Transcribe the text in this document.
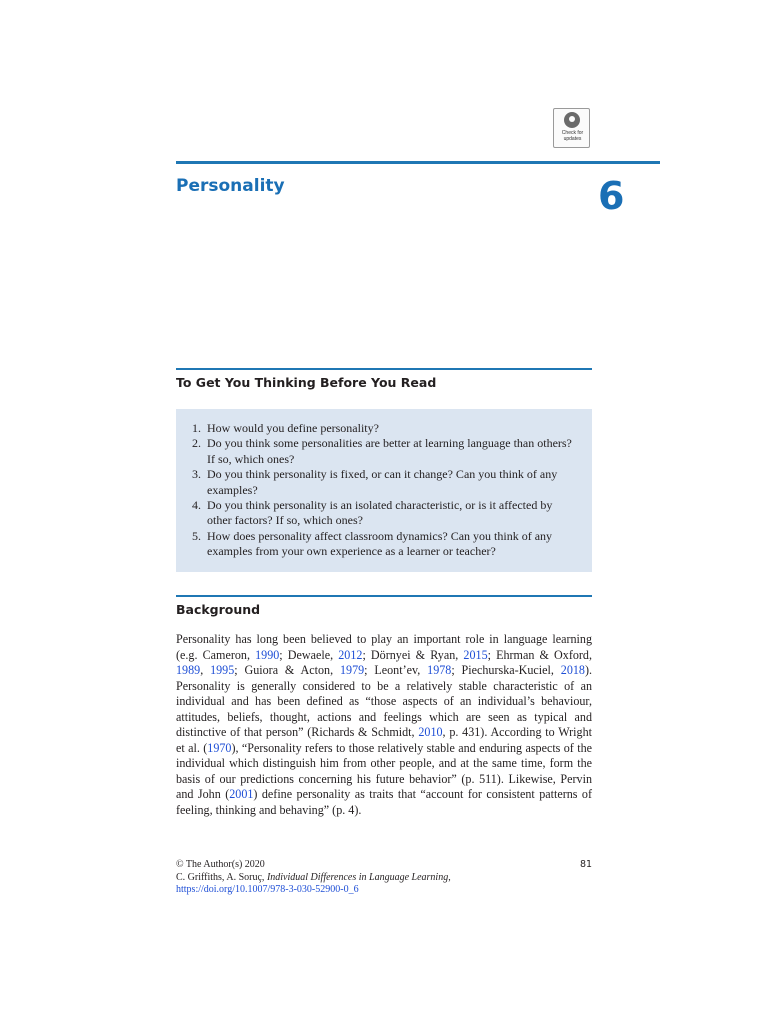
Check for
updates
Personality	6
To Get You Thinking Before You Read
1. How would you define personality?
2. Do you think some personalities are better at learning language than others? If so, which ones?
3. Do you think personality is fixed, or can it change? Can you think of any examples?
4. Do you think personality is an isolated characteristic, or is it affected by other factors? If so, which ones?
5. How does personality affect classroom dynamics? Can you think of any examples from your own experience as a learner or teacher?
Background

Personality has long been believed to play an important role in language learning (e.g. Cameron, 1990; Dewaele, 2012; Dörnyei & Ryan, 2015; Ehrman & Oxford, 1989, 1995; Guiora & Acton, 1979; Leont’ev, 1978; Piechurska-Kuciel, 2018). Personality is generally considered to be a relatively stable characteristic of an individual and has been defined as “those aspects of an individual’s behaviour, attitudes, beliefs, thought, actions and feelings which are seen as typical and distinctive of that person” (Richards & Schmidt, 2010, p. 431). According to Wright et al. (1970), “Personality refers to those relatively stable and enduring aspects of the individual which distinguish him from other people, and at the same time, form the basis of our predictions concerning his future behavior” (p. 511). Likewise, Pervin and John (2001) define personality as traits that “account for consistent patterns of feeling, thinking and behaving” (p. 4).

© The Author(s) 2020
C. Griffiths, A. Soruç, Individual Differences in Language Learning,
https://doi.org/10.1007/978-3-030-52900-0_6
81
